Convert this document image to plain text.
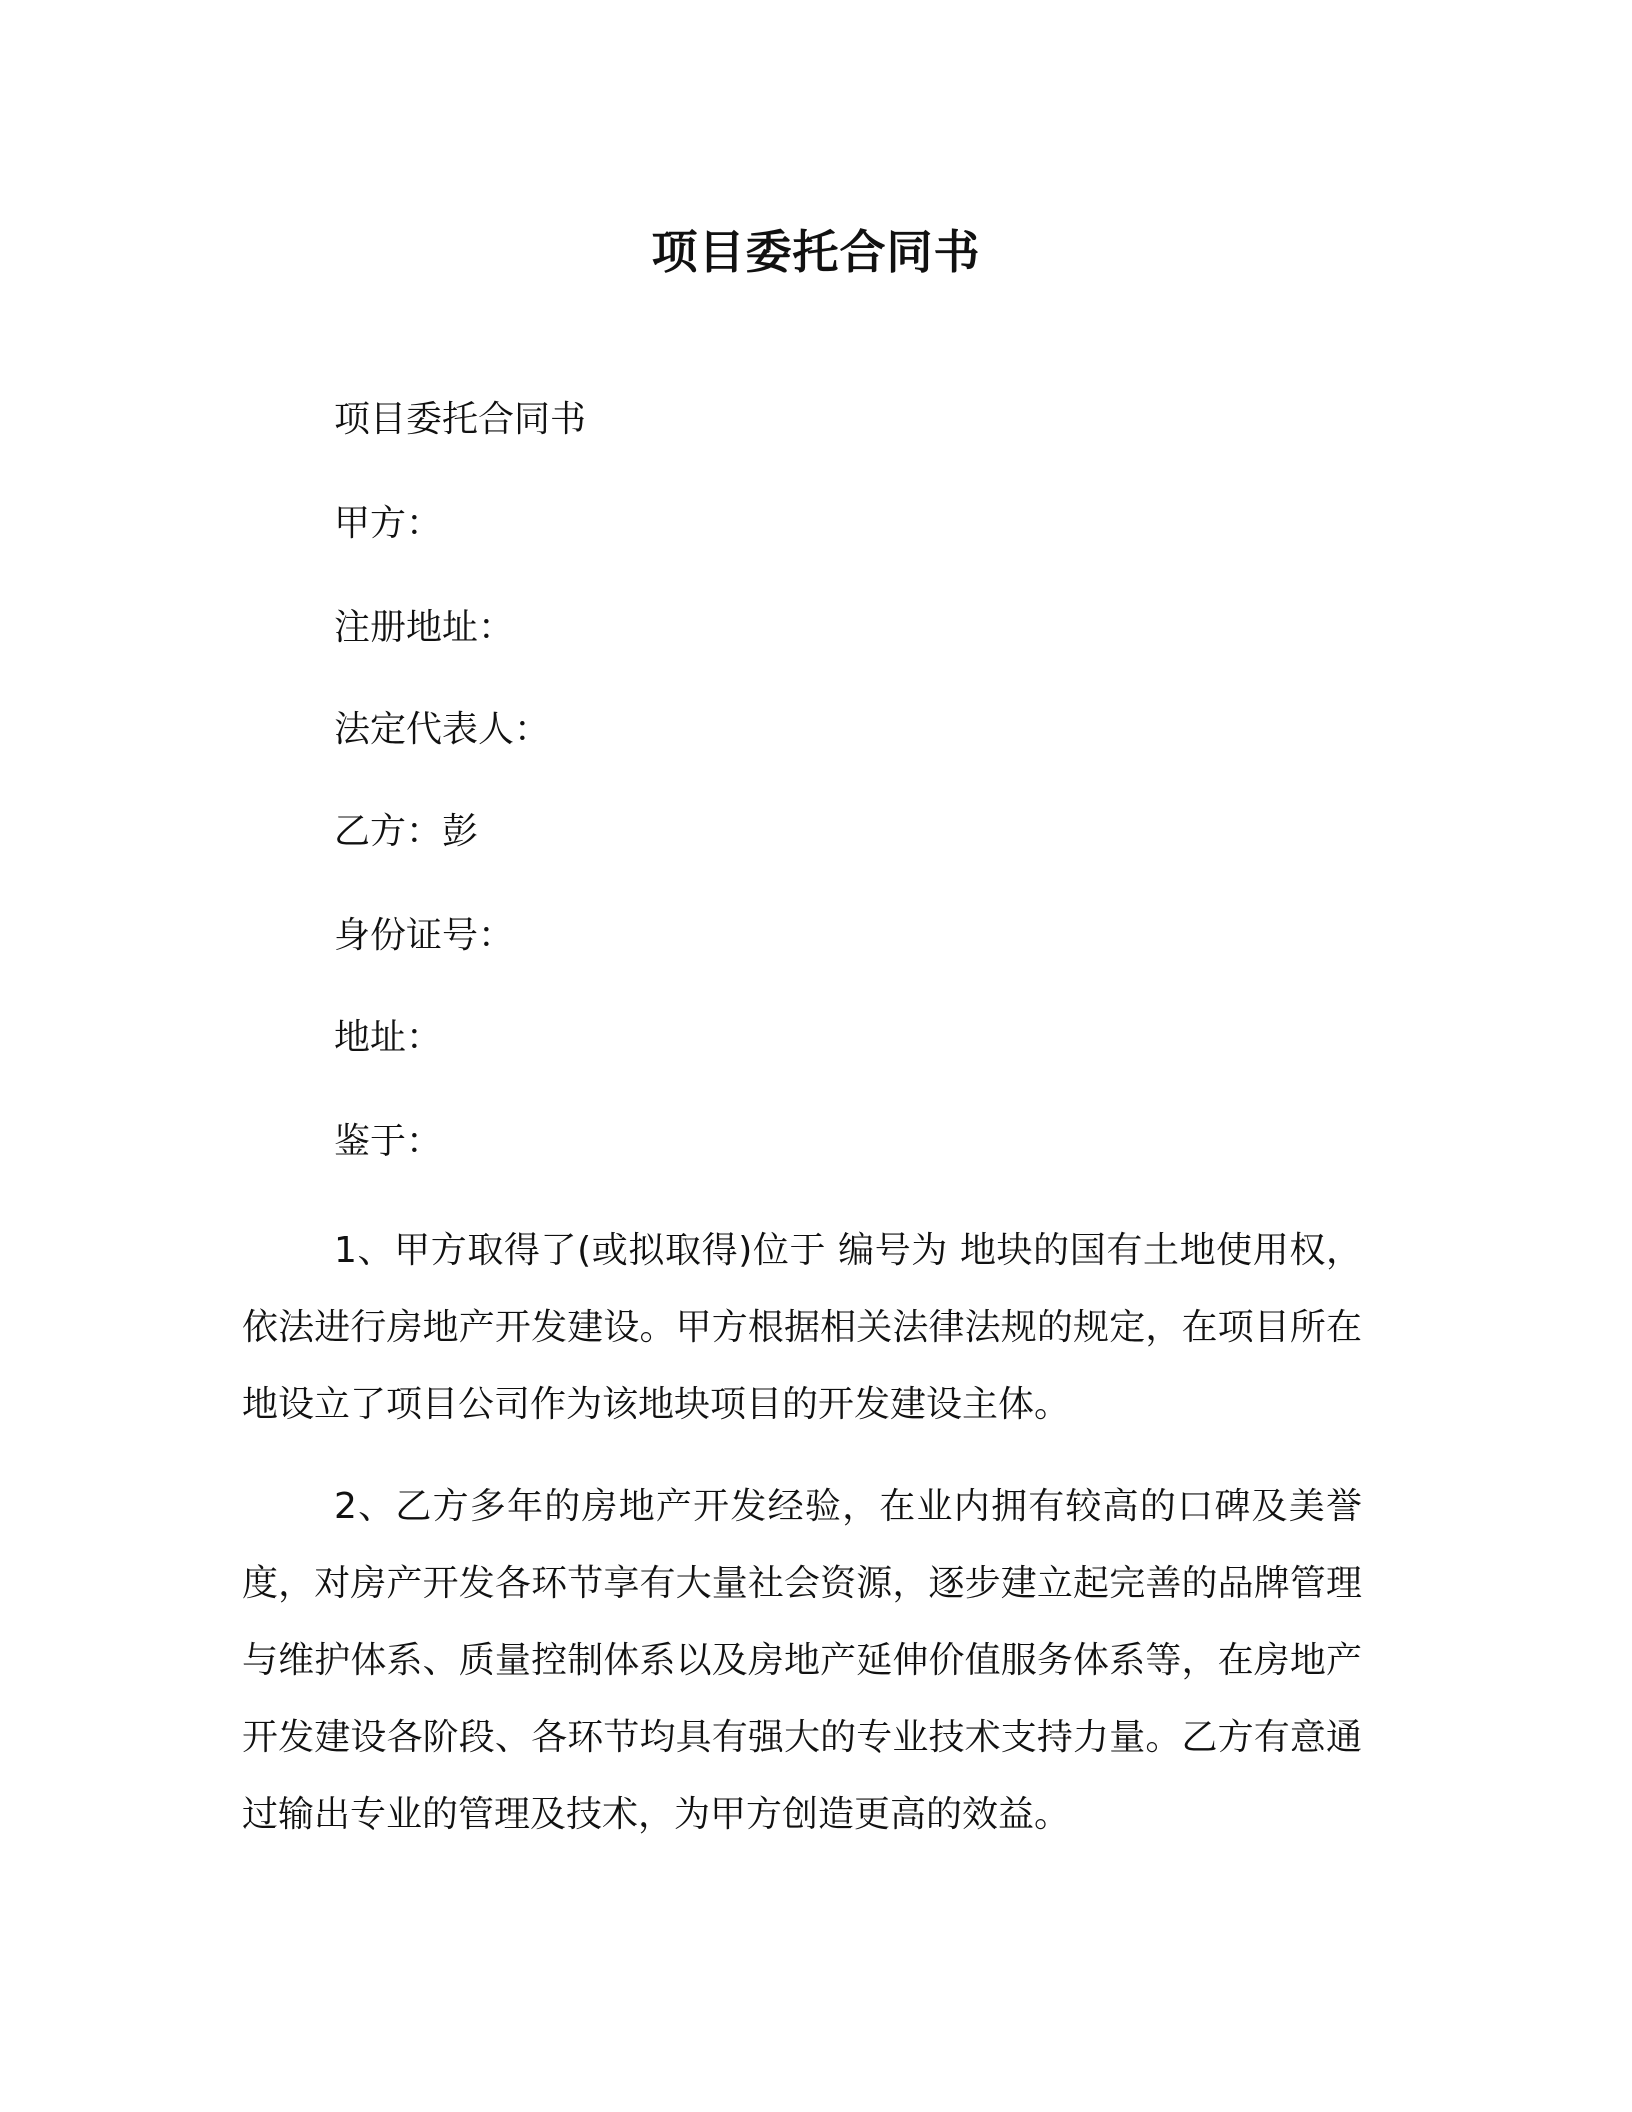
项目委托合同书
项目委托合同书
甲方：
注册地址：
法定代表人：
乙方：彭
身份证号：
地址：
鉴于：

1、甲方取得了(或拟取得)位于 编号为 地块的国有土地使用权，依法进行房地产开发建设。甲方根据相关法律法规的规定，在项目所在地设立了项目公司作为该地块项目的开发建设主体。

2、乙方多年的房地产开发经验，在业内拥有较高的口碑及美誉度，对房产开发各环节享有大量社会资源，逐步建立起完善的品牌管理与维护体系、质量控制体系以及房地产延伸价值服务体系等，在房地产开发建设各阶段、各环节均具有强大的专业技术支持力量。乙方有意通过输出专业的管理及技术，为甲方创造更高的效益。
